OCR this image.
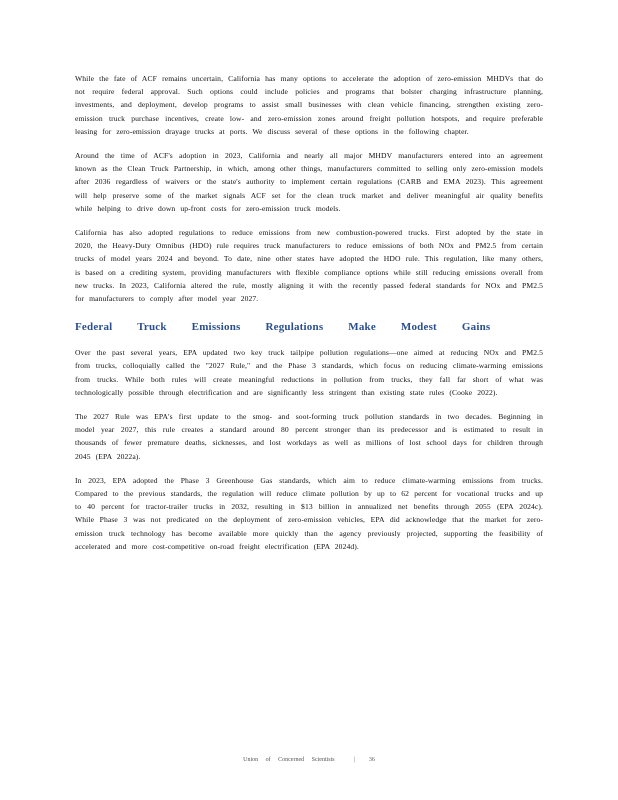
While the fate of ACF remains uncertain, California has many options to accelerate the adoption of zero-emission MHDVs that do not require federal approval. Such options could include policies and programs that bolster charging infrastructure planning, investments, and deployment, develop programs to assist small businesses with clean vehicle financing, strengthen existing zero-emission truck purchase incentives, create low- and zero-emission zones around freight pollution hotspots, and require preferable leasing for zero-emission drayage trucks at ports. We discuss several of these options in the following chapter.

Around the time of ACF's adoption in 2023, California and nearly all major MHDV manufacturers entered into an agreement known as the Clean Truck Partnership, in which, among other things, manufacturers committed to selling only zero-emission models after 2036 regardless of waivers or the state's authority to implement certain regulations (CARB and EMA 2023). This agreement will help preserve some of the market signals ACF set for the clean truck market and deliver meaningful air quality benefits while helping to drive down up-front costs for zero-emission truck models.

California has also adopted regulations to reduce emissions from new combustion-powered trucks. First adopted by the state in 2020, the Heavy-Duty Omnibus (HDO) rule requires truck manufacturers to reduce emissions of both NOx and PM2.5 from certain trucks of model years 2024 and beyond. To date, nine other states have adopted the HDO rule. This regulation, like many others, is based on a crediting system, providing manufacturers with flexible compliance options while still reducing emissions overall from new trucks. In 2023, California altered the rule, mostly aligning it with the recently passed federal standards for NOx and PM2.5 for manufacturers to comply after model year 2027.

Federal Truck Emissions Regulations Make Modest Gains

Over the past several years, EPA updated two key truck tailpipe pollution regulations—one aimed at reducing NOx and PM2.5 from trucks, colloquially called the "2027 Rule," and the Phase 3 standards, which focus on reducing climate-warming emissions from trucks. While both rules will create meaningful reductions in pollution from trucks, they fall far short of what was technologically possible through electrification and are significantly less stringent than existing state rules (Cooke 2022).

The 2027 Rule was EPA's first update to the smog- and soot-forming truck pollution standards in two decades. Beginning in model year 2027, this rule creates a standard around 80 percent stronger than its predecessor and is estimated to result in thousands of fewer premature deaths, sicknesses, and lost workdays as well as millions of lost school days for children through 2045 (EPA 2022a).

In 2023, EPA adopted the Phase 3 Greenhouse Gas standards, which aim to reduce climate-warming emissions from trucks. Compared to the previous standards, the regulation will reduce climate pollution by up to 62 percent for vocational trucks and up to 40 percent for tractor-trailer trucks in 2032, resulting in $13 billion in annualized net benefits through 2055 (EPA 2024c). While Phase 3 was not predicated on the deployment of zero-emission vehicles, EPA did acknowledge that the market for zero-emission truck technology has become available more quickly than the agency previously projected, supporting the feasibility of accelerated and more cost-competitive on-road freight electrification (EPA 2024d).

Union of Concerned Scientists	| 36
